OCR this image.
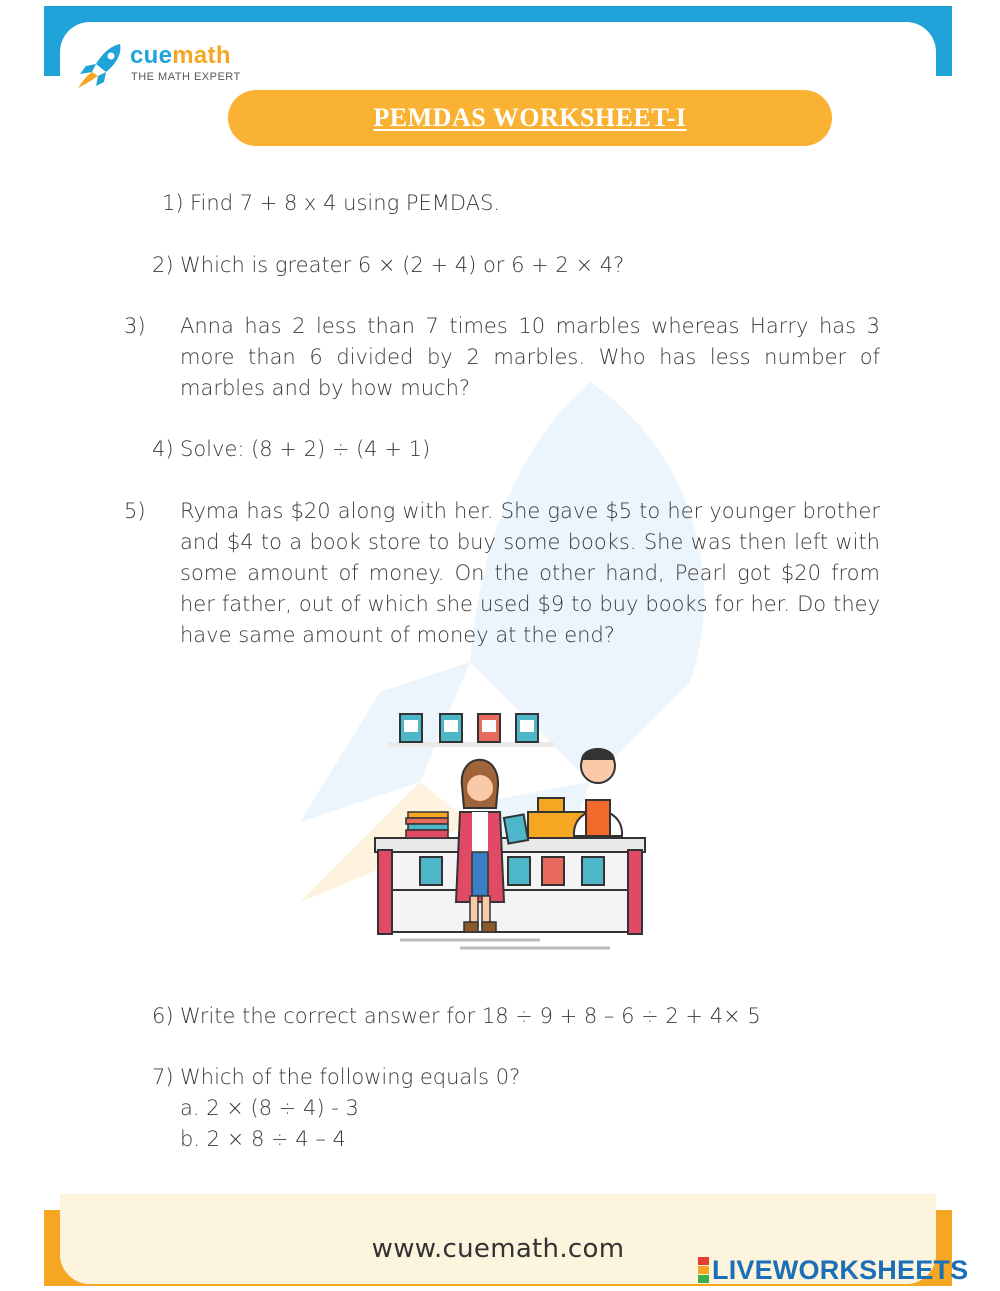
cuemath
THE MATH EXPERT
PEMDAS WORKSHEET-I
1) Find 7 + 8 x 4 using PEMDAS.
2) Which is greater 6 × (2 + 4) or 6 + 2 × 4?
3) Anna has 2 less than 7 times 10 marbles whereas Harry has 3 more than 6 divided by 2 marbles. Who has less number of marbles and by how much?
4) Solve: (8 + 2) ÷ (4 + 1)
5) Ryma has $20 along with her. She gave $5 to her younger brother and $4 to a book store to buy some books. She was then left with some amount of money. On the other hand, Pearl got $20 from her father, out of which she used $9 to buy books for her. Do they have same amount of money at the end?
6) Write the correct answer for 18 ÷ 9 + 8 – 6 ÷ 2 + 4× 5
7) Which of the following equals 0?
a. 2 × (8 ÷ 4) - 3
b. 2 × 8 ÷ 4 – 4
www.cuemath.com
LIVEWORKSHEETS
